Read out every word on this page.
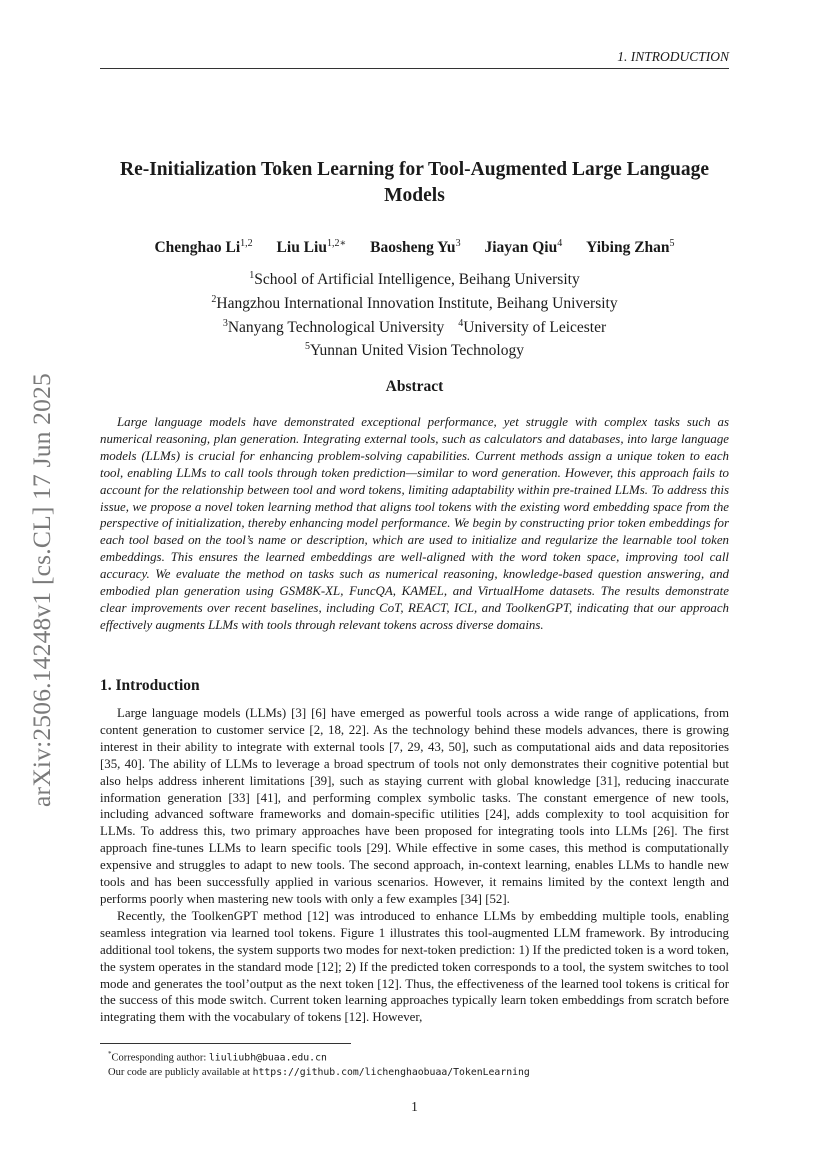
1. INTRODUCTION
arXiv:2506.14248v1 [cs.CL] 17 Jun 2025
Re-Initialization Token Learning for Tool-Augmented Large Language Models
Chenghao Li$^{1,2}$ Liu Liu$^{1,2∗}$ Baosheng Yu$^3$ Jiayan Qiu$^4$ Yibing Zhan$^5$
$^1$School of Artificial Intelligence, Beihang University
$^2$Hangzhou International Innovation Institute, Beihang University
$^3$Nanyang Technological University $^4$University of Leicester
$^5$Yunnan United Vision Technology
Abstract
Large language models have demonstrated exceptional performance, yet struggle with complex tasks such as numerical reasoning, plan generation. Integrating external tools, such as calculators and databases, into large language models (LLMs) is crucial for enhancing problem-solving capabilities. Current methods assign a unique token to each tool, enabling LLMs to call tools through token prediction—similar to word generation. However, this approach fails to account for the relationship between tool and word tokens, limiting adaptability within pre-trained LLMs. To address this issue, we propose a novel token learning method that aligns tool tokens with the existing word embedding space from the perspective of initialization, thereby enhancing model performance. We begin by constructing prior token embeddings for each tool based on the tool’s name or description, which are used to initialize and regularize the learnable tool token embeddings. This ensures the learned embeddings are well-aligned with the word token space, improving tool call accuracy. We evaluate the method on tasks such as numerical reasoning, knowledge-based question answering, and embodied plan generation using GSM8K-XL, FuncQA, KAMEL, and VirtualHome datasets. The results demonstrate clear improvements over recent baselines, including CoT, REACT, ICL, and ToolkenGPT, indicating that our approach effectively augments LLMs with tools through relevant tokens across diverse domains.
1. Introduction

Large language models (LLMs) [3] [6] have emerged as powerful tools across a wide range of applications, from content generation to customer service [2, 18, 22]. As the technology behind these models advances, there is growing interest in their ability to integrate with external tools [7, 29, 43, 50], such as computational aids and data repositories [35, 40]. The ability of LLMs to leverage a broad spectrum of tools not only demonstrates their cognitive potential but also helps address inherent limitations [39], such as staying current with global knowledge [31], reducing inaccurate information generation [33] [41], and performing complex symbolic tasks. The constant emergence of new tools, including advanced software frameworks and domain-specific utilities [24], adds complexity to tool acquisition for LLMs. To address this, two primary approaches have been proposed for integrating tools into LLMs [26]. The first approach fine-tunes LLMs to learn specific tools [29]. While effective in some cases, this method is computationally expensive and struggles to adapt to new tools. The second approach, in-context learning, enables LLMs to handle new tools and has been successfully applied in various scenarios. However, it remains limited by the context length and performs poorly when mastering new tools with only a few examples [34] [52].

Recently, the ToolkenGPT method [12] was introduced to enhance LLMs by embedding multiple tools, enabling seamless integration via learned tool tokens. Figure 1 illustrates this tool-augmented LLM framework. By introducing additional tool tokens, the system supports two modes for next-token prediction: 1) If the predicted token is a word token, the system operates in the standard mode [12]; 2) If the predicted token corresponds to a tool, the system switches to tool mode and generates the tool’output as the next token [12]. Thus, the effectiveness of the learned tool tokens is critical for the success of this mode switch. Current token learning approaches typically learn token embeddings from scratch before integrating them with the vocabulary of tokens [12]. However,

*Corresponding author: liuliubh@buaa.edu.cn
Our code are publicly available at https://github.com/lichenghaobuaa/TokenLearning
1
